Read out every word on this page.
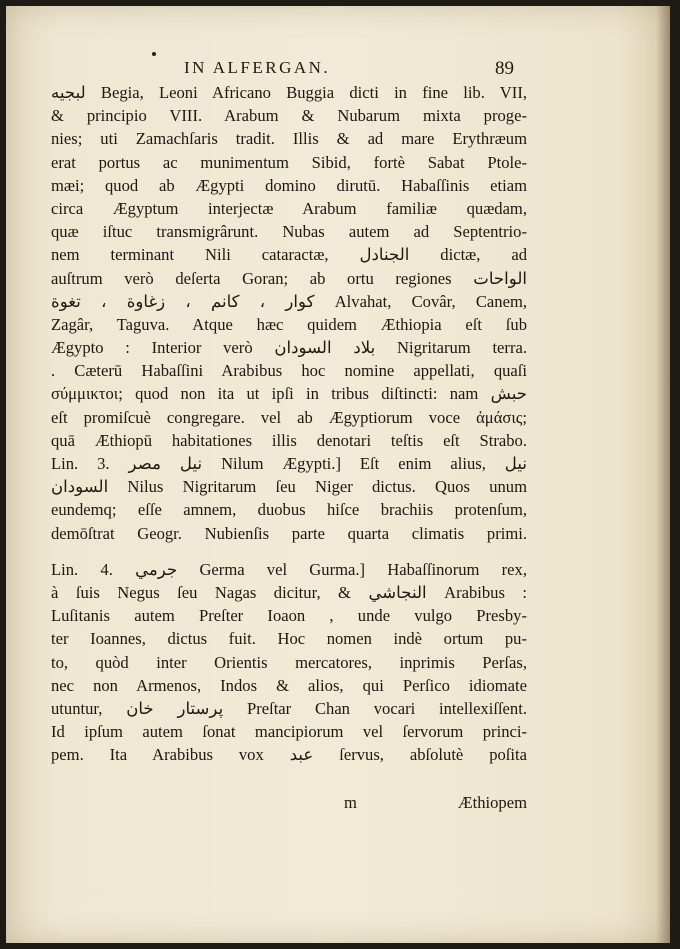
IN ALFERGAN.	89
لبجيه Begia, Leoni Africano Buggia dicti in fine lib. VII,
& principio VIII. Arabum & Nubarum mixta proge-
nies; uti Zamachſaris tradit. Illis & ad mare Erythræum
erat portus ac munimentum Sibid, fortè Sabat Ptole-
mæi; quod ab Ægypti domino dirutū. Habaſſinis etiam
circa Ægyptum interjectæ Arabum familiæ quædam,
quæ iſtuc transmigrârunt. Nubas autem ad Septentrio-
nem terminant Nili cataractæ, الجنادل dictæ, ad
auſtrum verò deſerta Goran; ab ortu regiones الواحات
كوار ، كانم ، زغاوة ، تغوة Alvahat, Covâr, Canem,
Zagâr, Taguva. Atque hæc quidem Æthiopia eſt ſub
Ægypto : Interior verò بلاد السودان Nigritarum terra.
. Cæterū Habaſſini Arabibus hoc nomine appellati, quaſi
σύμμικτοι; quod non ita ut ipſi in tribus diſtincti: nam حبش
eſt promiſcuè congregare. vel ab Ægyptiorum voce ἀμάσις;
quā Æthiopū habitationes illis denotari teſtis eſt Strabo.
Lin. 3. نيل مصر Nilum Ægypti.] Eſt enim alius, نيل
السودان Nilus Nigritarum ſeu Niger dictus. Quos unum
eundemq; eſſe amnem, duobus hiſce brachiis protenſum,
demōſtrat Geogr. Nubienſis parte quarta climatis primi.
Lin. 4. جرمي Germa vel Gurma.] Habaſſinorum rex,
à ſuis Negus ſeu Nagas dicitur, & النجاشي Arabibus :
Luſitanis autem Preſter Ioaon , unde vulgo Presby-
ter Ioannes, dictus fuit. Hoc nomen indè ortum pu-
to, quòd inter Orientis mercatores, inprimis Perſas,
nec non Armenos, Indos & alios, qui Perſico idiomate
utuntur, پرستار خان Preſtar Chan vocari intellexiſſent.
Id ipſum autem ſonat mancipiorum vel ſervorum princi-
pem. Ita Arabibus vox عبد ſervus, abſolutè poſita
m	Æthiopem
